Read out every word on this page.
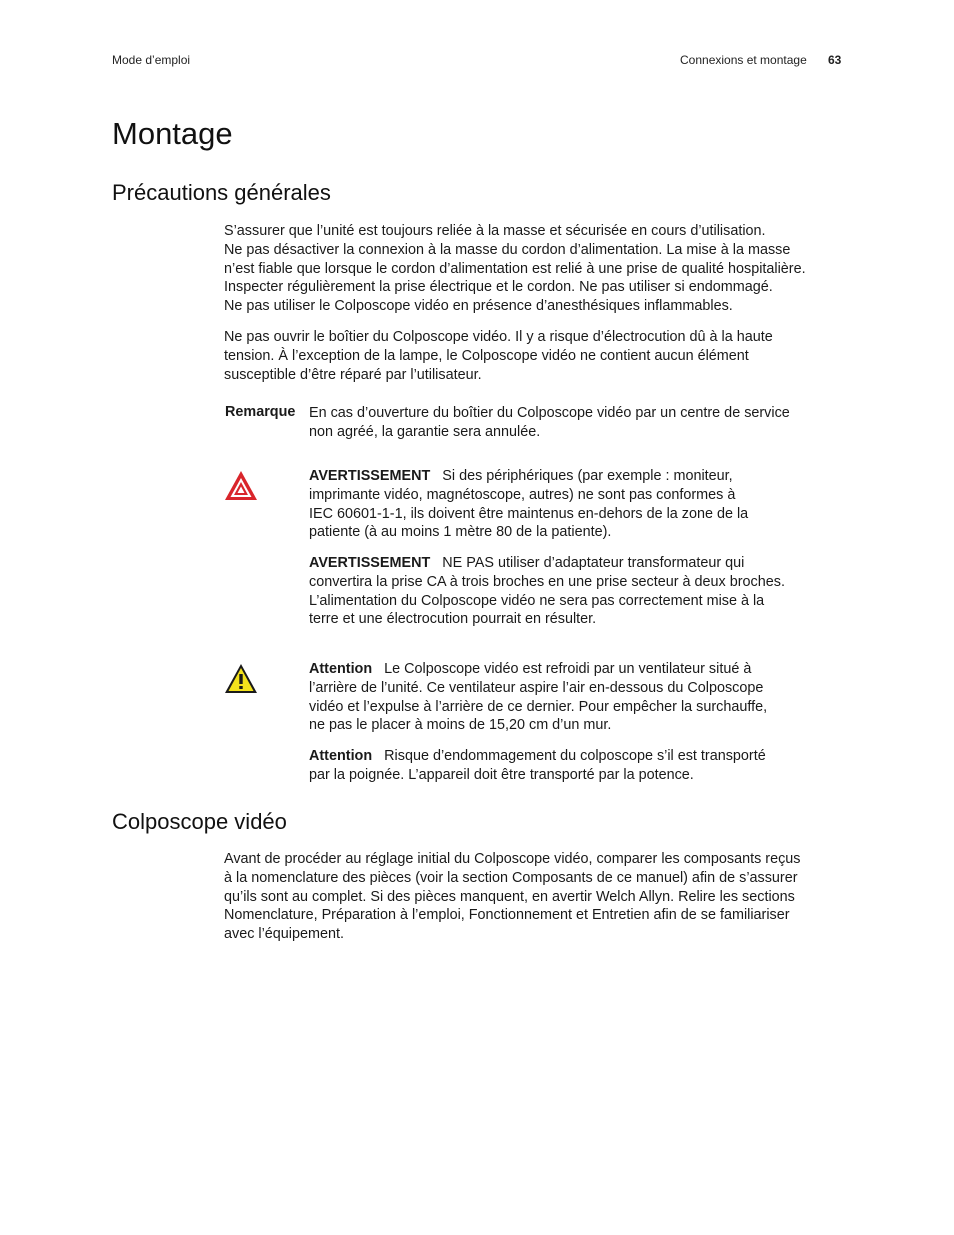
Mode d’emploi	Connexions et montage 63
Montage
Précautions générales
S’assurer que l’unité est toujours reliée à la masse et sécurisée en cours d’utilisation.
Ne pas désactiver la connexion à la masse du cordon d’alimentation. La mise à la masse
n’est fiable que lorsque le cordon d’alimentation est relié à une prise de qualité hospitalière.
Inspecter régulièrement la prise électrique et le cordon. Ne pas utiliser si endommagé.
Ne pas utiliser le Colposcope vidéo en présence d’anesthésiques inflammables.
Ne pas ouvrir le boîtier du Colposcope vidéo. Il y a risque d’électrocution dû à la haute
tension. À l’exception de la lampe, le Colposcope vidéo ne contient aucun élément
susceptible d’être réparé par l’utilisateur.
Remarque En cas d’ouverture du boîtier du Colposcope vidéo par un centre de service
non agréé, la garantie sera annulée.
AVERTISSEMENT Si des périphériques (par exemple : moniteur,
imprimante vidéo, magnétoscope, autres) ne sont pas conformes à
IEC 60601-1-1, ils doivent être maintenus en-dehors de la zone de la
patiente (à au moins 1 mètre 80 de la patiente).
AVERTISSEMENT NE PAS utiliser d’adaptateur transformateur qui
convertira la prise CA à trois broches en une prise secteur à deux broches.
L’alimentation du Colposcope vidéo ne sera pas correctement mise à la
terre et une électrocution pourrait en résulter.
Attention Le Colposcope vidéo est refroidi par un ventilateur situé à
l’arrière de l’unité. Ce ventilateur aspire l’air en-dessous du Colposcope
vidéo et l’expulse à l’arrière de ce dernier. Pour empêcher la surchauffe,
ne pas le placer à moins de 15,20 cm d’un mur.
Attention Risque d’endommagement du colposcope s’il est transporté
par la poignée. L’appareil doit être transporté par la potence.
Colposcope vidéo
Avant de procéder au réglage initial du Colposcope vidéo, comparer les composants reçus
à la nomenclature des pièces (voir la section Composants de ce manuel) afin de s’assurer
qu’ils sont au complet. Si des pièces manquent, en avertir Welch Allyn. Relire les sections
Nomenclature, Préparation à l’emploi, Fonctionnement et Entretien afin de se familiariser
avec l’équipement.
